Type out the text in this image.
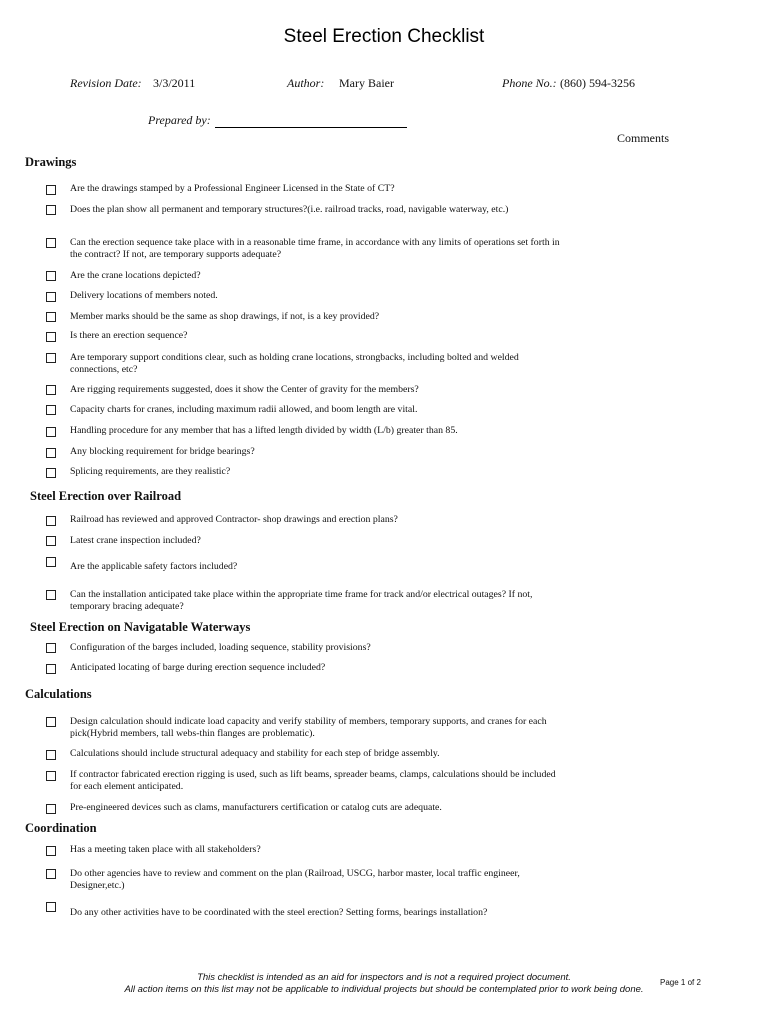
Steel Erection Checklist
Revision Date: 3/3/2011	Author: Mary Baier	Phone No.: (860) 594-3256
Prepared by:
Comments
Drawings
Are the drawings stamped by a Professional Engineer Licensed in the State of CT?
Does the plan show all permanent and temporary structures?(i.e. railroad tracks, road, navigable waterway, etc.)
Can the erection sequence take place with in a reasonable time frame, in accordance with any limits of operations set forth in the contract? If not, are temporary supports adequate?
Are the crane locations depicted?
Delivery locations of members noted.
Member marks should be the same as shop drawings, if not, is a key provided?
Is there an erection sequence?
Are temporary support conditions clear, such as holding crane locations, strongbacks, including bolted and welded connections, etc?
Are rigging requirements suggested, does it show the Center of gravity for the members?
Capacity charts for cranes, including maximum radii allowed, and boom length are vital.
Handling procedure for any member that has a lifted length divided by width (L/b) greater than 85.
Any blocking requirement for bridge bearings?
Splicing requirements, are they realistic?
Steel Erection over Railroad
Railroad has reviewed and approved Contractor- shop drawings and erection plans?
Latest crane inspection included?
Are the applicable safety factors included?
Can the installation anticipated take place within the appropriate time frame for track and/or electrical outages? If not, temporary bracing adequate?
Steel Erection on Navigatable Waterways
Configuration of the barges included, loading sequence, stability provisions?
Anticipated locating of barge during erection sequence included?
Calculations
Design calculation should indicate load capacity and verify stability of members, temporary supports, and cranes for each pick(Hybrid members, tall webs-thin flanges are problematic).
Calculations should include structural adequacy and stability for each step of bridge assembly.
If contractor fabricated erection rigging is used, such as lift beams, spreader beams, clamps, calculations should be included for each element anticipated.
Pre-engineered devices such as clams, manufacturers certification or catalog cuts are adequate.
Coordination
Has a meeting taken place with all stakeholders?
Do other agencies have to review and comment on the plan (Railroad, USCG, harbor master, local traffic engineer, Designer,etc.)
Do any other activities have to be coordinated with the steel erection? Setting forms, bearings installation?
This checklist is intended as an aid for inspectors and is not a required project document.
All action items on this list may not be applicable to individual projects but should be contemplated prior to work being done.
Page 1 of 2
